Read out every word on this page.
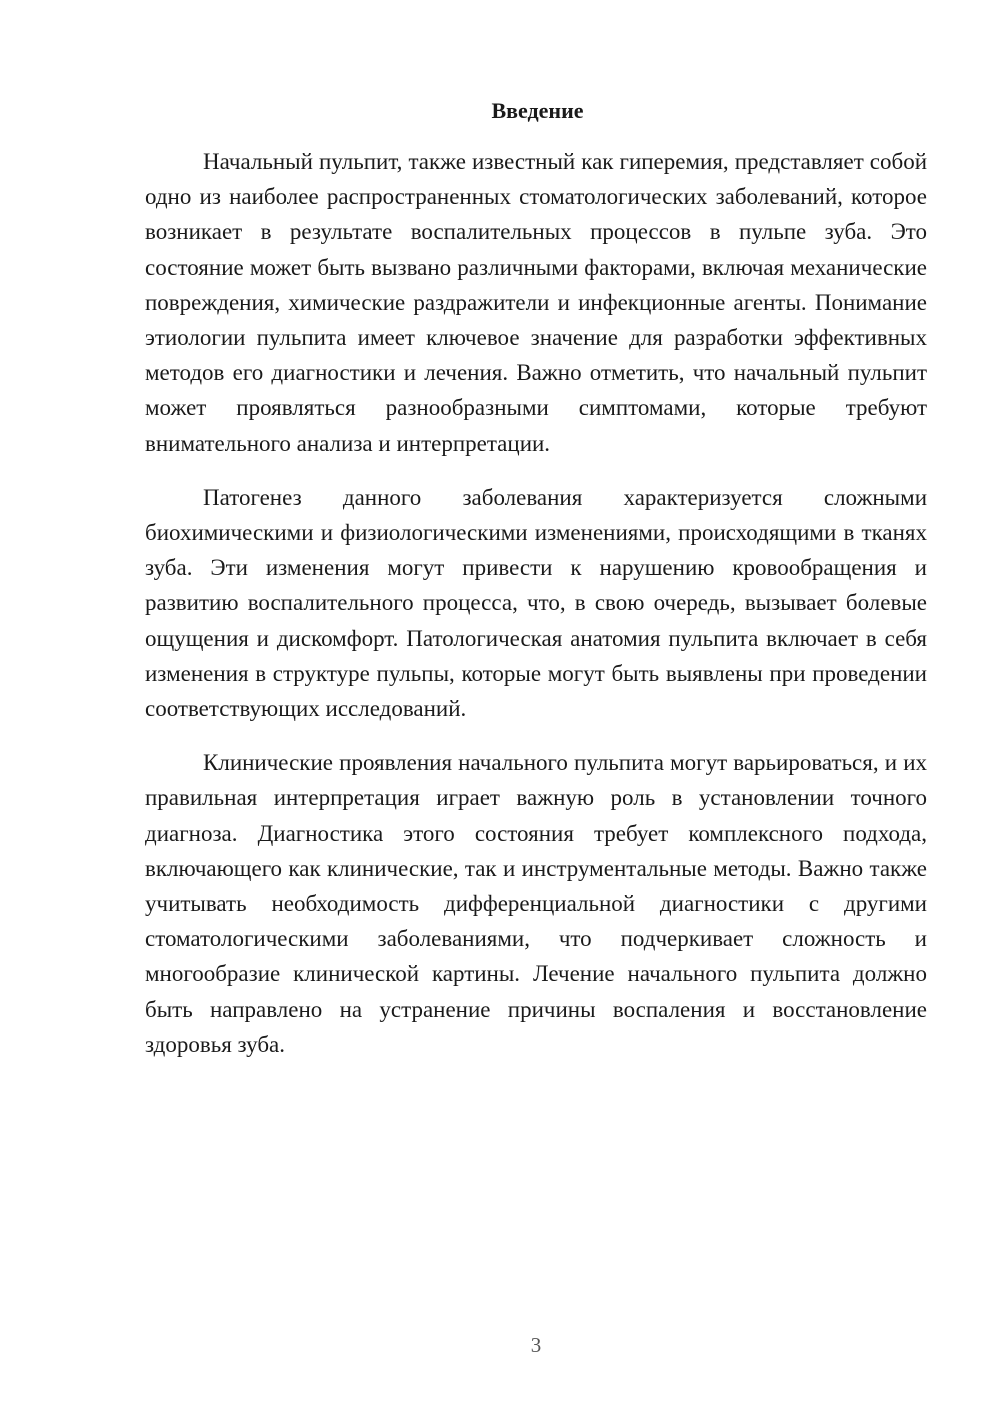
Введение

Начальный пульпит, также известный как гиперемия, представляет собой одно из наиболее распространенных стоматологических заболеваний, которое возникает в результате воспалительных процессов в пульпе зуба. Это состояние может быть вызвано различными факторами, включая механические повреждения, химические раздражители и инфекционные агенты. Понимание этиологии пульпита имеет ключевое значение для разработки эффективных методов его диагностики и лечения. Важно отметить, что начальный пульпит может проявляться разнообразными симптомами, которые требуют внимательного анализа и интерпретации.

Патогенез данного заболевания характеризуется сложными биохимическими и физиологическими изменениями, происходящими в тканях зуба. Эти изменения могут привести к нарушению кровообращения и развитию воспалительного процесса, что, в свою очередь, вызывает болевые ощущения и дискомфорт. Патологическая анатомия пульпита включает в себя изменения в структуре пульпы, которые могут быть выявлены при проведении соответствующих исследований.

Клинические проявления начального пульпита могут варьироваться, и их правильная интерпретация играет важную роль в установлении точного диагноза. Диагностика этого состояния требует комплексного подхода, включающего как клинические, так и инструментальные методы. Важно также учитывать необходимость дифференциальной диагностики с другими стоматологическими заболеваниями, что подчеркивает сложность и многообразие клинической картины. Лечение начального пульпита должно быть направлено на устранение причины воспаления и восстановление здоровья зуба.

3
